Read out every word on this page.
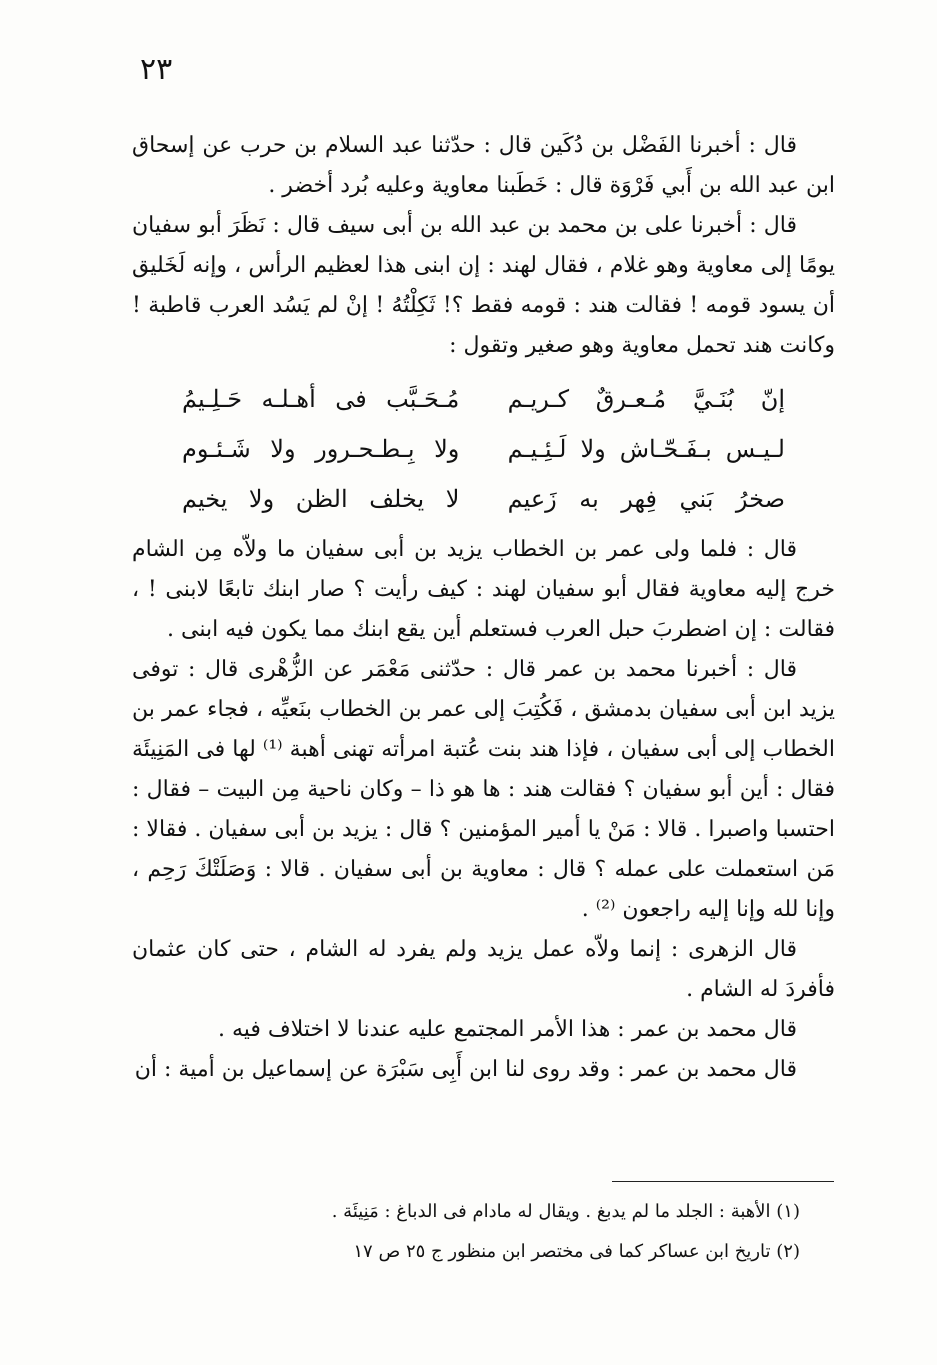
٢٣

قال : أخبرنا الفَضْل بن دُكَين قال : حدّثنا عبد السلام بن حرب عن إسحاق ابن عبد الله بن أَبي فَرْوَة قال : خَطَبنا معاوية وعليه بُرد أخضر .

قال : أخبرنا على بن محمد بن عبد الله بن أبى سيف قال : نَظَرَ أبو سفيان يومًا إلى معاوية وهو غلام ، فقال لهند : إن ابنى هذا لعظيم الرأس ، وإنه لَخَليق أن يسود قومه ! فقالت هند : قومه فقط ؟! ثَكِلْتُهُ ! إنْ لم يَسُد العرب قاطبة ! وكانت هند تحمل معاوية وهو صغير وتقول :

إنّ بُنَـيَّ مُـعـرقٌ كـريـم
مُـحَـبَّب فى أهـلـه حَـلِـيمُ
لـيـس بـفَـحّـاش ولا لَـئِـيـم
ولا بِـطـحـرور ولا شَـئـوم
صخرُ بَني فِهر به زَعيم
لا يخلف الظن ولا يخيم

قال : فلما ولى عمر بن الخطاب يزيد بن أبى سفيان ما ولاّه مِن الشام خرج إليه معاوية فقال أبو سفيان لهند : كيف رأيت ؟ صار ابنك تابعًا لابنى ! ، فقالت : إن اضطربَ حبل العرب فستعلم أين يقع ابنك مما يكون فيه ابنى .

قال : أخبرنا محمد بن عمر قال : حدّثنى مَعْمَر عن الزُّهْرى قال : توفى يزيد ابن أبى سفيان بدمشق ، فَكُتِبَ إلى عمر بن الخطاب بنَعيِّه ، فجاء عمر بن الخطاب إلى أبى سفيان ، فإذا هند بنت عُتبة امرأته تهنى أهبة ⁽¹⁾ لها فى المَنِيئَة فقال : أين أبو سفيان ؟ فقالت هند : ها هو ذا – وكان ناحية مِن البيت – فقال : احتسبا واصبرا . قالا : مَنْ يا أمير المؤمنين ؟ قال : يزيد بن أبى سفيان . فقالا : مَن استعملت على عمله ؟ قال : معاوية بن أبى سفيان . قالا : وَصَلَتْكَ رَحِم ، وإنا لله وإنا إليه راجعون ⁽²⁾ .

قال الزهرى : إنما ولاّه عمل يزيد ولم يفرد له الشام ، حتى كان عثمان فأفردَ له الشام .

قال محمد بن عمر : هذا الأمر المجتمع عليه عندنا لا اختلاف فيه .

قال محمد بن عمر : وقد روى لنا ابن أَبِى سَبْرَة عن إسماعيل بن أمية : أن

(١) الأهبة : الجلد ما لم يدبغ . ويقال له مادام فى الدباغ : مَنِيئَة .

(٢) تاريخ ابن عساكر كما فى مختصر ابن منظور ج ٢٥ ص ١٧
